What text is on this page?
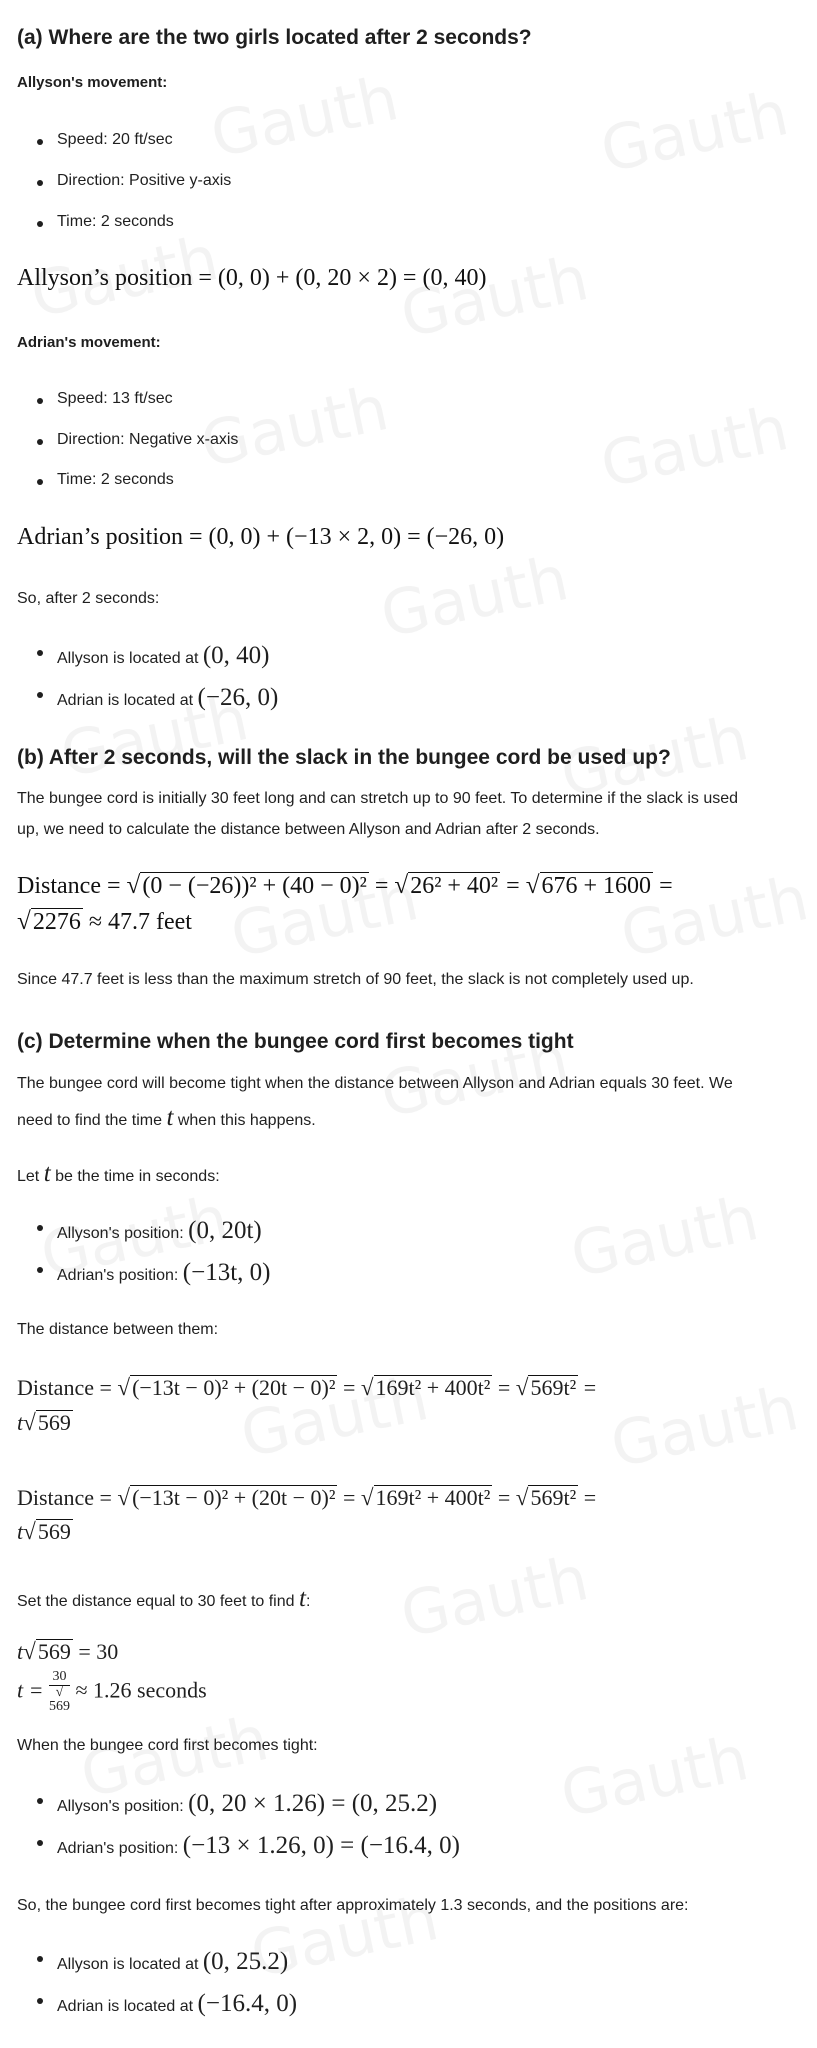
(a) Where are the two girls located after 2 seconds?
Allyson's movement:
Speed: 20 ft/sec
Direction: Positive y-axis
Time: 2 seconds
Allyson’s position = (0, 0) + (0, 20 × 2) = (0, 40)
Adrian's movement:
Speed: 13 ft/sec
Direction: Negative x-axis
Time: 2 seconds
Adrian’s position = (0, 0) + (−13 × 2, 0) = (−26, 0)
So, after 2 seconds:
Allyson is located at (0, 40)
Adrian is located at (−26, 0)
(b) After 2 seconds, will the slack in the bungee cord be used up?
The bungee cord is initially 30 feet long and can stretch up to 90 feet. To determine if the slack is used
up, we need to calculate the distance between Allyson and Adrian after 2 seconds.
Distance = √(0 − (−26))² + (40 − 0)² = √26² + 40² = √676 + 1600 =
√2276 ≈ 47.7 feet
Since 47.7 feet is less than the maximum stretch of 90 feet, the slack is not completely used up.
(c) Determine when the bungee cord first becomes tight
The bungee cord will become tight when the distance between Allyson and Adrian equals 30 feet. We
need to find the time t when this happens.
Let t be the time in seconds:
Allyson's position: (0, 20t)
Adrian's position: (−13t, 0)
The distance between them:
Distance = √(−13t − 0)² + (20t − 0)² = √169t² + 400t² = √569t² =
t√569
Distance = √(−13t − 0)² + (20t − 0)² = √169t² + 400t² = √569t² =
t√569
Set the distance equal to 30 feet to find t:
t√569 = 30
t = 30
√
569 ≈ 1.26 seconds
When the bungee cord first becomes tight:
Allyson's position: (0, 20 × 1.26) = (0, 25.2)
Adrian's position: (−13 × 1.26, 0) = (−16.4, 0)
So, the bungee cord first becomes tight after approximately 1.3 seconds, and the positions are:
Allyson is located at (0, 25.2)
Adrian is located at (−16.4, 0)
